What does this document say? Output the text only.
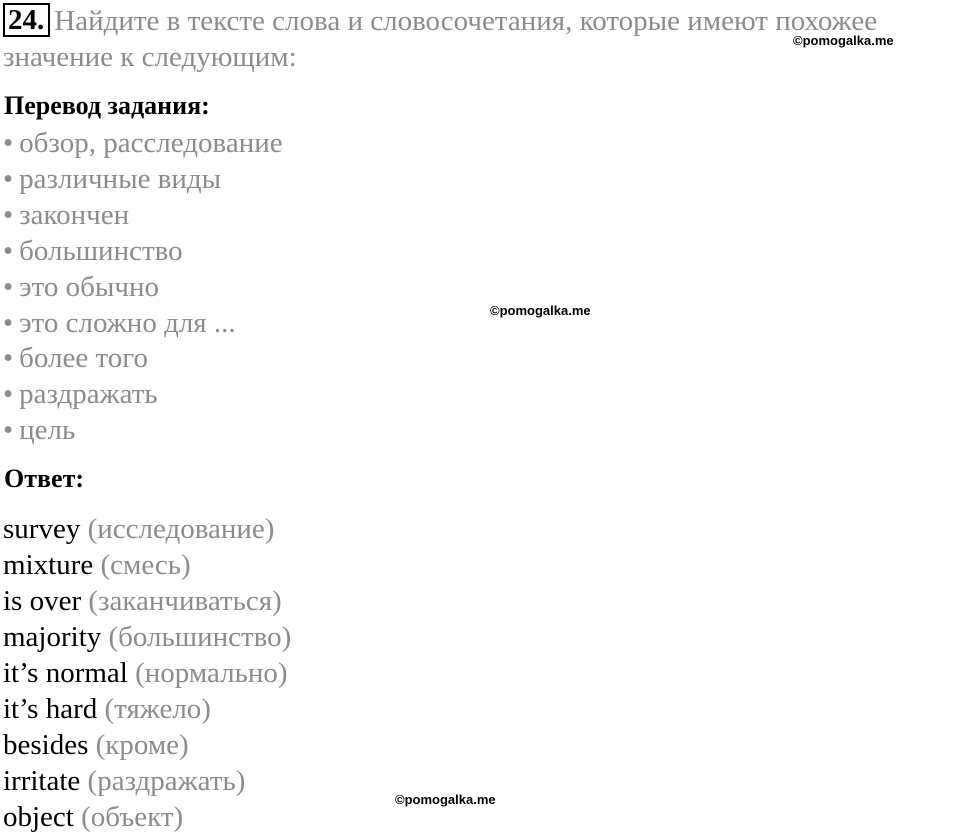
24. Найдите в тексте слова и словосочетания, которые имеют похожее
значение к следующим:
©pomogalka.me
Перевод задания:
• обзор, расследование
• различные виды
• закончен
• большинство
• это обычно
• это сложно для ...
• более того
• раздражать
• цель
©pomogalka.me
Ответ:
survey (исследование)
mixture (смесь)
is over (заканчиваться)
majority (большинство)
it’s normal (нормально)
it’s hard (тяжело)
besides (кроме)
irritate (раздражать)
object (объект)
©pomogalka.me
